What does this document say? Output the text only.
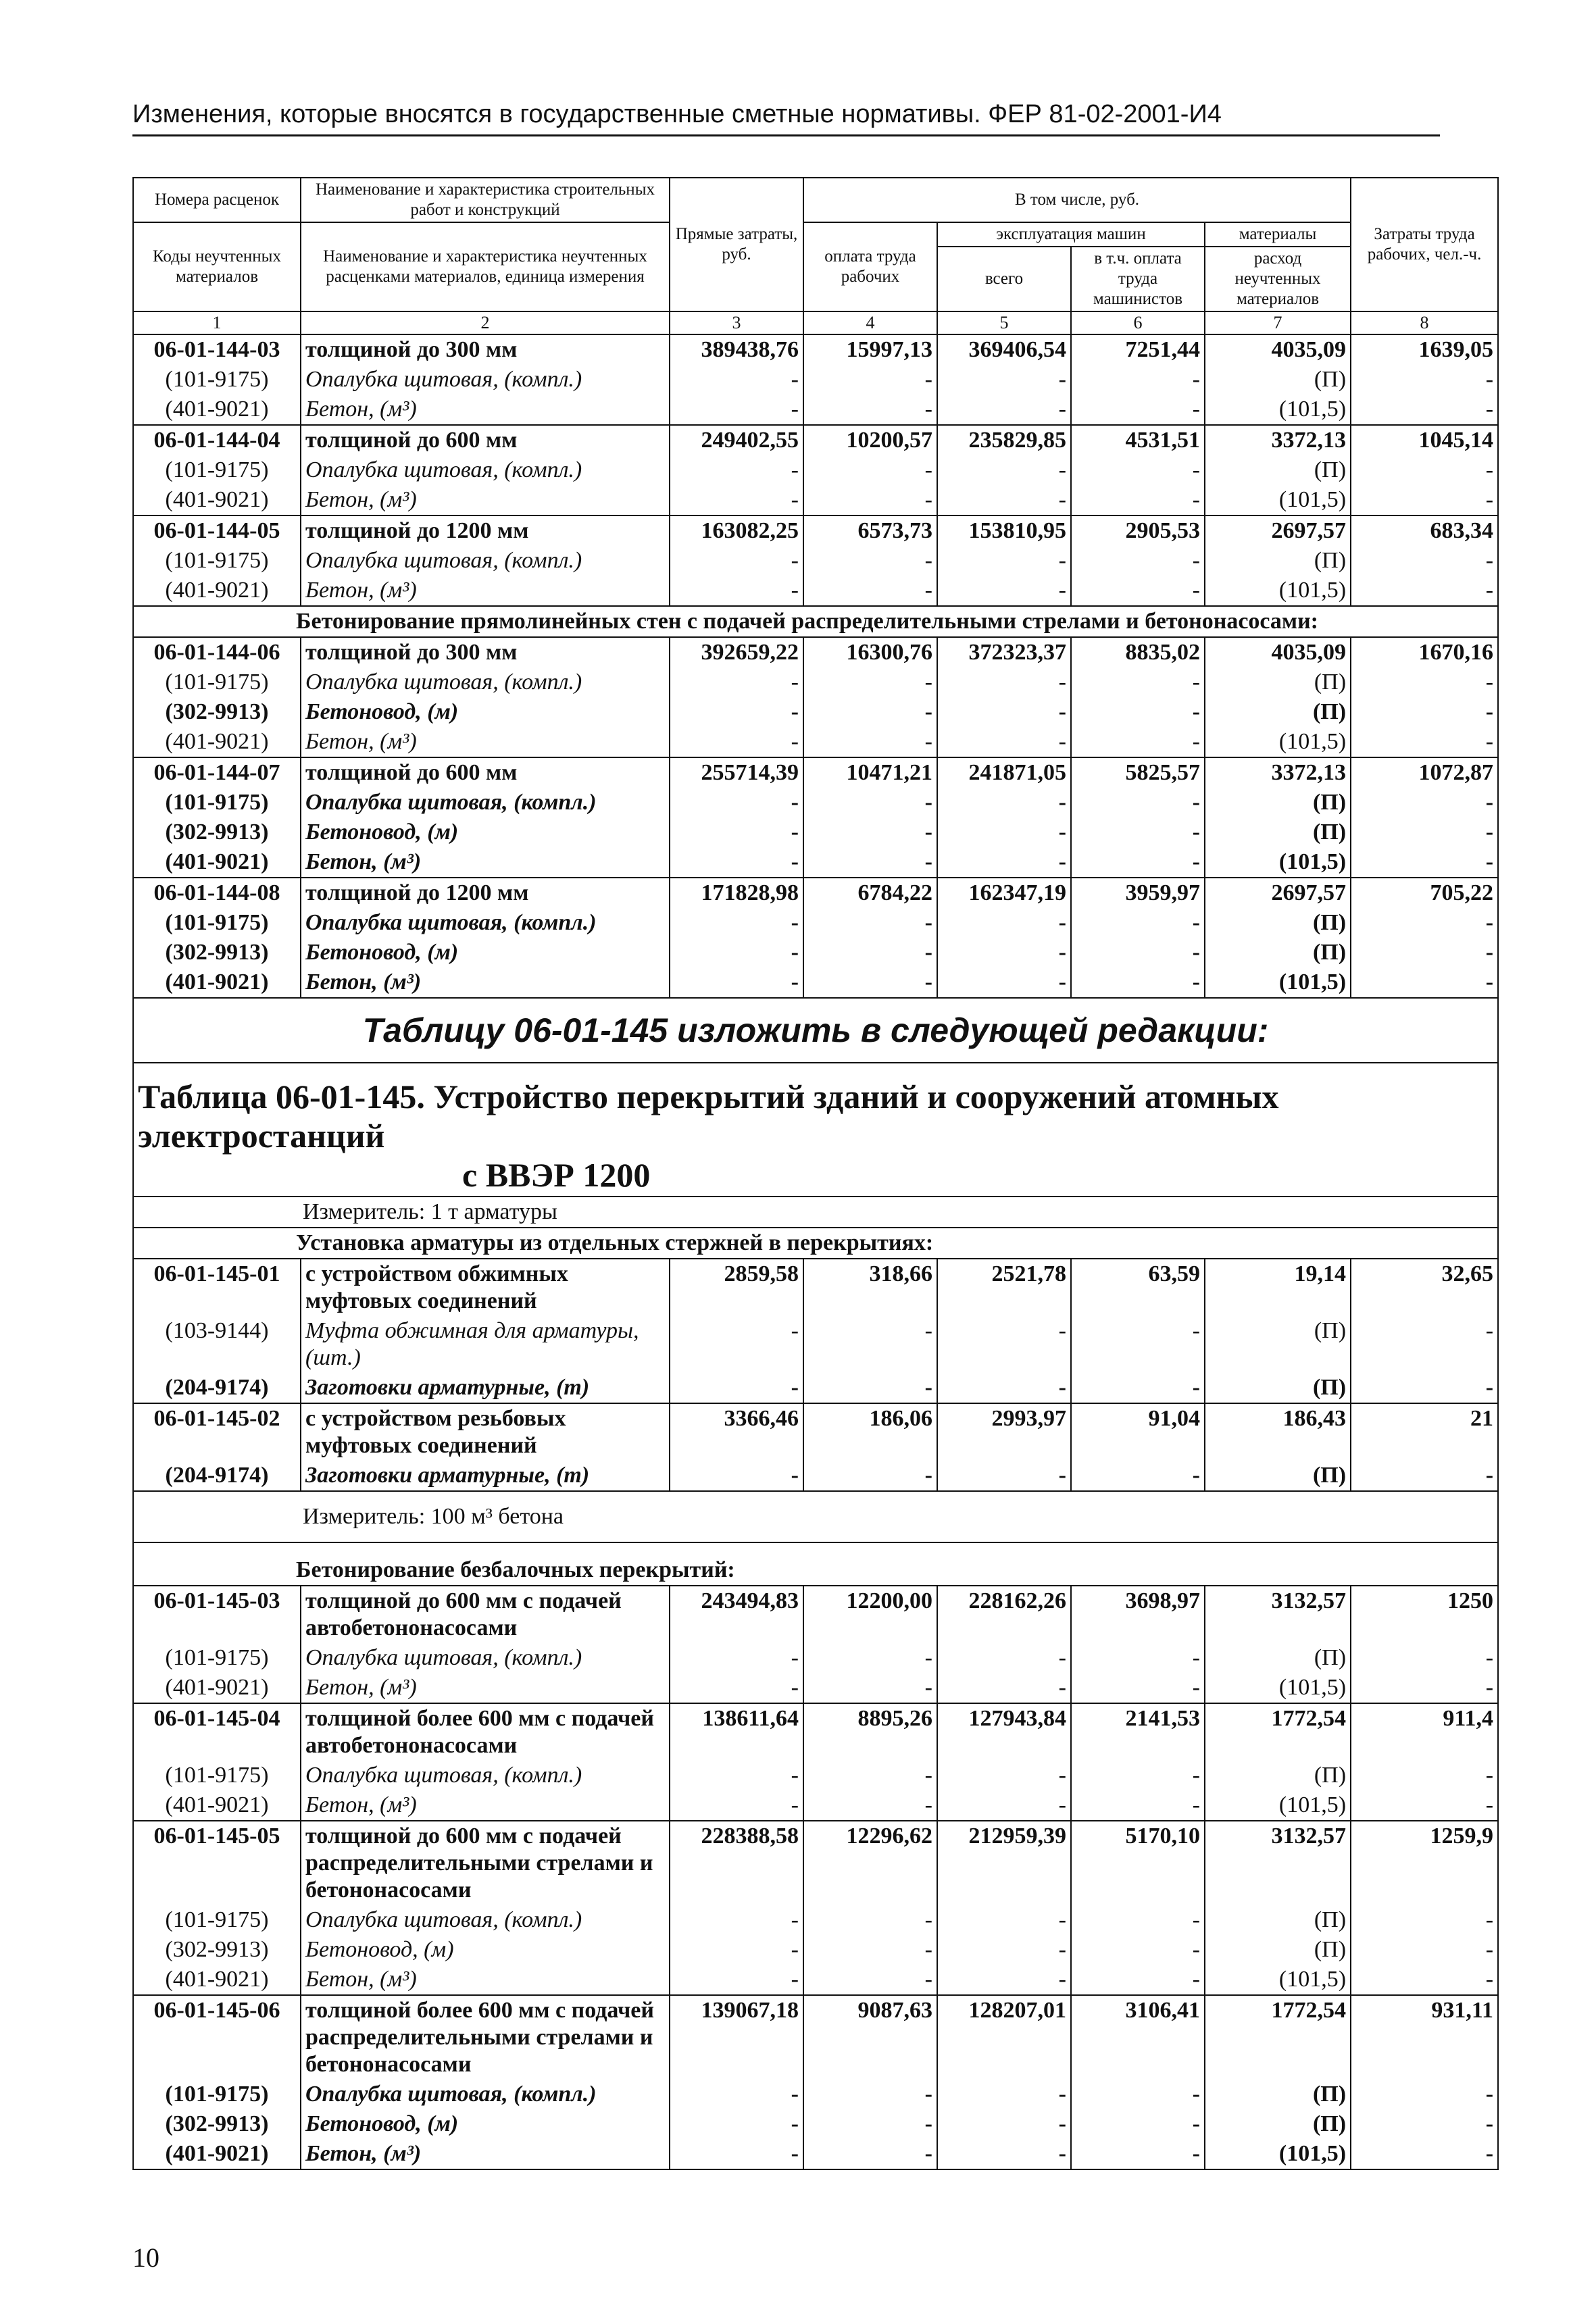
Изменения, которые вносятся в государственные сметные нормативы. ФЕР 81-02-2001-И4
Номера расценок	Наименование и характеристика строительных работ и конструкций	Прямые затраты, руб.	В том числе, руб.				Затраты труда рабочих, чел.-ч.
Коды неучтенных материалов	Наименование и характеристика неучтенных расценками материалов, единица измерения		оплата труда рабочих	эксплуатация машин		материалы	
				всего	в т.ч. оплата труда машинистов	расход неучтенных материалов	
1	2	3	4	5	6	7	8
06-01-144-03	толщиной до 300 мм	389438,76	15997,13	369406,54	7251,44	4035,09	1639,05
(101-9175)	Опалубка щитовая, (компл.)	-	-	-	-	(П)	-
(401-9021)	Бетон, (м³)	-	-	-	-	(101,5)	-
06-01-144-04	толщиной до 600 мм	249402,55	10200,57	235829,85	4531,51	3372,13	1045,14
(101-9175)	Опалубка щитовая, (компл.)	-	-	-	-	(П)	-
(401-9021)	Бетон, (м³)	-	-	-	-	(101,5)	-
06-01-144-05	толщиной до 1200 мм	163082,25	6573,73	153810,95	2905,53	2697,57	683,34
(101-9175)	Опалубка щитовая, (компл.)	-	-	-	-	(П)	-
(401-9021)	Бетон, (м³)	-	-	-	-	(101,5)	-
Бетонирование прямолинейных стен с подачей распределительными стрелами и бетононасосами:							
06-01-144-06	толщиной до 300 мм	392659,22	16300,76	372323,37	8835,02	4035,09	1670,16
(101-9175)	Опалубка щитовая, (компл.)	-	-	-	-	(П)	-
(302-9913)	Бетоновод, (м)	-	-	-	-	(П)	-
(401-9021)	Бетон, (м³)	-	-	-	-	(101,5)	-
06-01-144-07	толщиной до 600 мм	255714,39	10471,21	241871,05	5825,57	3372,13	1072,87
(101-9175)	Опалубка щитовая, (компл.)	-	-	-	-	(П)	-
(302-9913)	Бетоновод, (м)	-	-	-	-	(П)	-
(401-9021)	Бетон, (м³)	-	-	-	-	(101,5)	-
06-01-144-08	толщиной до 1200 мм	171828,98	6784,22	162347,19	3959,97	2697,57	705,22
(101-9175)	Опалубка щитовая, (компл.)	-	-	-	-	(П)	-
(302-9913)	Бетоновод, (м)	-	-	-	-	(П)	-
(401-9021)	Бетон, (м³)	-	-	-	-	(101,5)	-
Таблицу 06-01-145 изложить в следующей редакции:							

Таблица 06-01-145. Устройство перекрытий зданий и сооружений атомных электростанций
с ВВЭР 1200							

Измеритель: 1 т арматуры							
Установка арматуры из отдельных стержней в перекрытиях:							
06-01-145-01	с устройством обжимных муфтовых соединений	2859,58	318,66	2521,78	63,59	19,14	32,65
(103-9144)	Муфта обжимная для арматуры, (шт.)	-	-	-	-	(П)	-
(204-9174)	Заготовки арматурные, (т)	-	-	-	-	(П)	-
06-01-145-02	с устройством резьбовых муфтовых соединений	3366,46	186,06	2993,97	91,04	186,43	21
(204-9174)	Заготовки арматурные, (т)	-	-	-	-	(П)	-
Измеритель: 100 м³ бетона							
Бетонирование безбалочных перекрытий:							
06-01-145-03	толщиной до 600 мм с подачей автобетононасосами	243494,83	12200,00	228162,26	3698,97	3132,57	1250
(101-9175)	Опалубка щитовая, (компл.)	-	-	-	-	(П)	-
(401-9021)	Бетон, (м³)	-	-	-	-	(101,5)	-
06-01-145-04	толщиной более 600 мм с подачей автобетононасосами	138611,64	8895,26	127943,84	2141,53	1772,54	911,4
(101-9175)	Опалубка щитовая, (компл.)	-	-	-	-	(П)	-
(401-9021)	Бетон, (м³)	-	-	-	-	(101,5)	-
06-01-145-05	толщиной до 600 мм с подачей распределительными стрелами и бетононасосами	228388,58	12296,62	212959,39	5170,10	3132,57	1259,9
(101-9175)	Опалубка щитовая, (компл.)	-	-	-	-	(П)	-
(302-9913)	Бетоновод, (м)	-	-	-	-	(П)	-
(401-9021)	Бетон, (м³)	-	-	-	-	(101,5)	-
06-01-145-06	толщиной более 600 мм с подачей распределительными стрелами и бетононасосами	139067,18	9087,63	128207,01	3106,41	1772,54	931,11
(101-9175)	Опалубка щитовая, (компл.)	-	-	-	-	(П)	-
(302-9913)	Бетоновод, (м)	-	-	-	-	(П)	-
(401-9021)	Бетон, (м³)	-	-	-	-	(101,5)	-
10
